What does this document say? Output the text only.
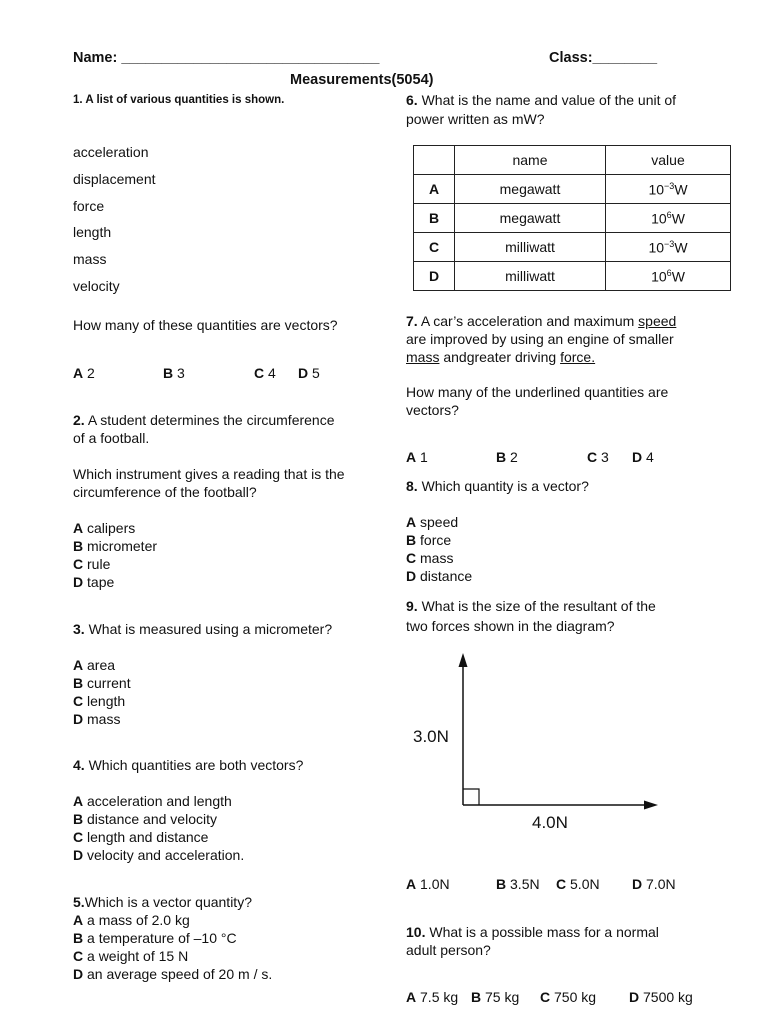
Name: ________________________________	Class:________
Measurements(5054)
1. A list of various quantities is shown.
acceleration
displacement
force
length
mass
velocity
How many of these quantities are vectors?
A 2	B 3	C 4 D 5
2. A student determines the circumference
of a football.
Which instrument gives a reading that is the
circumference of the football?
A calipers
B micrometer
C rule
D tape
3. What is measured using a micrometer?
A area
B current
C length
D mass
4. Which quantities are both vectors?
A acceleration and length
B distance and velocity
C length and distance
D velocity and acceleration.
5.Which is a vector quantity?
A a mass of 2.0 kg
B a temperature of –10 °C
C a weight of 15 N
D an average speed of 20 m / s.
6. What is the name and value of the unit of
power written as mW?
	name	value
A	megawatt	$10^{-3}W$
B	megawatt	$10^6W$
C	milliwatt	$10^{-3}W$
D	milliwatt	$10^6W$
7. A car’s acceleration and maximum speed
are improved by using an engine of smaller
mass andgreater driving force.
How many of the underlined quantities are
vectors?
A 1	B 2	C 3 D 4
8. Which quantity is a vector?
A speed
B force
C mass
D distance
9. What is the size of the resultant of the
two forces shown in the diagram?
3.0N
4.0N
A 1.0N	B 3.5N C 5.0N D 7.0N
10. What is a possible mass for a normal
adult person?
A 7.5 kg B 75 kg C 750 kg D 7500 kg
